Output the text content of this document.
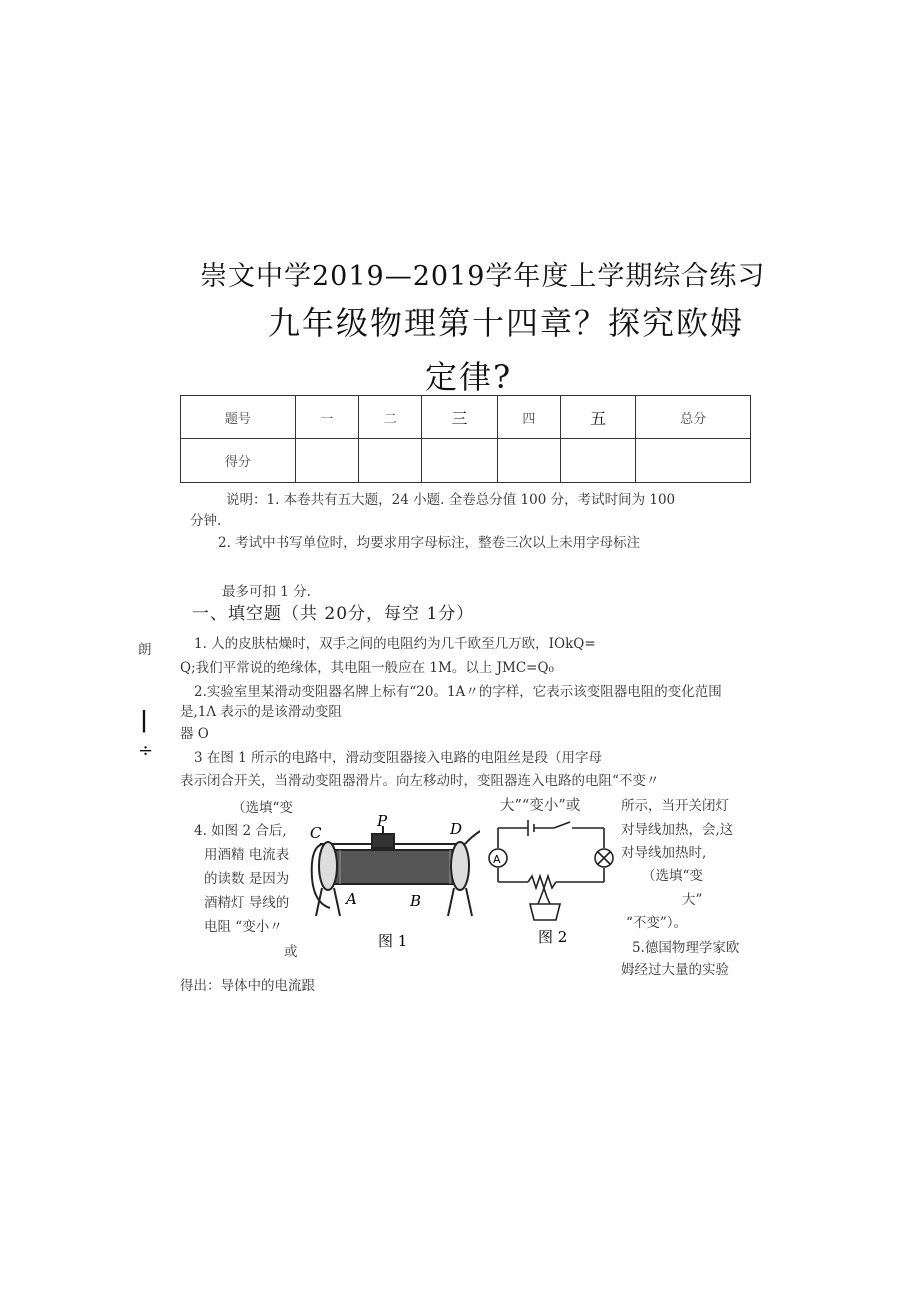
崇文中学2019—2019学年度上学期综合练习
九年级物理第十四章？探究欧姆
定律?
题号	一	二	三	四	五	总分
得分						
说明：1. 本卷共有五大题，24 小题. 全卷总分值 100 分，考试时间为 100
分钟.
2. 考试中书写单位时，均要求用字母标注，整卷三次以上未用字母标注
最多可扣 1 分.
一、填空题（共 20分，每空 1分）
朗
|
÷
1. 人的皮肤枯燥时，双手之间的电阻约为几千欧至几万欧，IOkQ=
Q;我们平常说的绝缘体，其电阻一般应在 1M。以上 JMC=Q₀
2.实验室里某滑动变阻器名牌上标有“20。1A〃的字样，它表示该变阻器电阻的变化范围
是,1Λ 表示的是该滑动变阻
器 O
3 在图 1 所示的电路中，滑动变阻器接入电路的电阻丝是段（用字母
表示闭合开关，当滑动变阻器滑片。向左移动时，变阻器连入电路的电阻“不变〃
（选填“变
4. 如图 2 合后,
用酒精 电流表
的读数 是因为
酒精灯 导线的
电阻 “变小〃
或
大”“变小”或	所示，当开关闭灯
对导线加热，会,这
对导线加热时,
（选填“变
大”
“不变”）。
5.德国物理学家欧
姆经过大量的实验
得出：导体中的电流跟
C
P	D
A	B
图 1
A
图 2
